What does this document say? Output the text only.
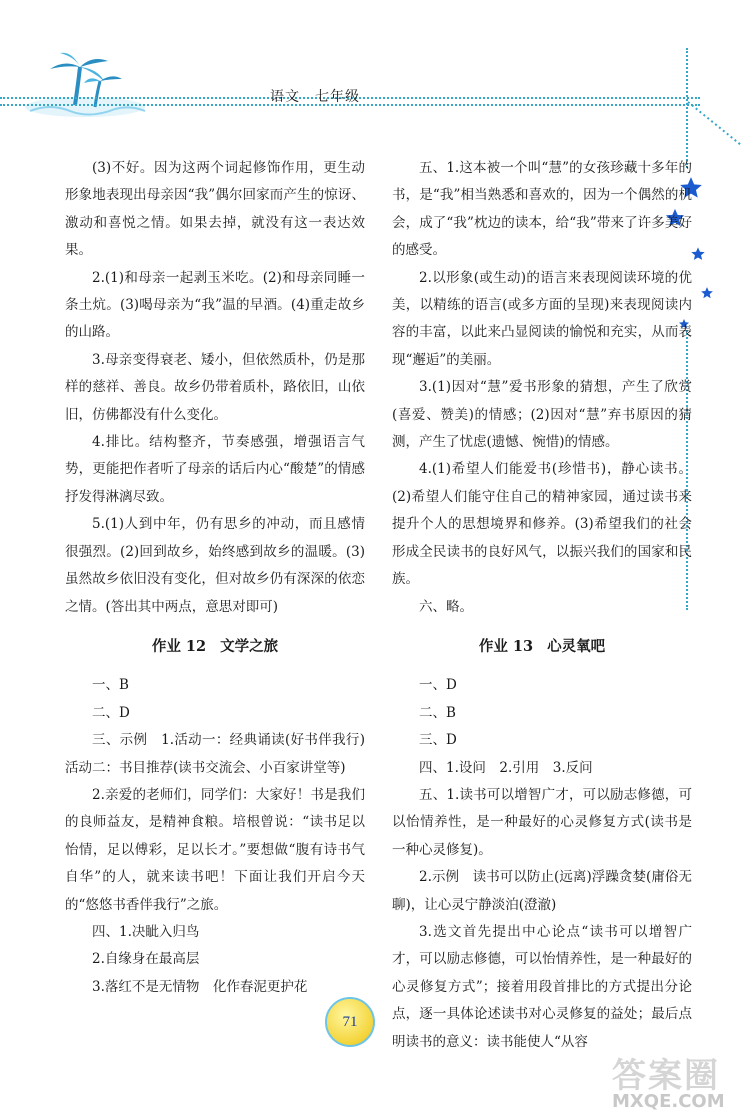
语文　七年级

(3)不好。因为这两个词起修饰作用，更生动形象地表现出母亲因“我”偶尔回家而产生的惊讶、激动和喜悦之情。如果去掉，就没有这一表达效果。

2.(1)和母亲一起剥玉米吃。(2)和母亲同睡一条土炕。(3)喝母亲为“我”温的早酒。(4)重走故乡的山路。

3.母亲变得衰老、矮小，但依然质朴，仍是那样的慈祥、善良。故乡仍带着质朴，路依旧，山依旧，仿佛都没有什么变化。

4.排比。结构整齐，节奏感强，增强语言气势，更能把作者听了母亲的话后内心“酸楚”的情感抒发得淋漓尽致。

5.(1)人到中年，仍有思乡的冲动，而且感情很强烈。(2)回到故乡，始终感到故乡的温暖。(3)虽然故乡依旧没有变化，但对故乡仍有深深的依恋之情。(答出其中两点，意思对即可)

作业 12 文学之旅

一、B

二、D

三、示例　1.活动一：经典诵读(好书伴我行)　活动二：书目推荐(读书交流会、小百家讲堂等)

2.亲爱的老师们，同学们：大家好！书是我们的良师益友，是精神食粮。培根曾说：“读书足以怡情，足以傅彩，足以长才。”要想做“腹有诗书气自华”的人，就来读书吧！下面让我们开启今天的“悠悠书香伴我行”之旅。

四、1.决眦入归鸟

2.自缘身在最高层

3.落红不是无情物　化作春泥更护花

五、1.这本被一个叫“慧”的女孩珍藏十多年的书，是“我”相当熟悉和喜欢的，因为一个偶然的机会，成了“我”枕边的读本，给“我”带来了许多美好的感受。

2.以形象(或生动)的语言来表现阅读环境的优美，以精练的语言(或多方面的呈现)来表现阅读内容的丰富，以此来凸显阅读的愉悦和充实，从而表现“邂逅”的美丽。

3.(1)因对“慧”爱书形象的猜想，产生了欣赏(喜爱、赞美)的情感；(2)因对“慧”弃书原因的猜测，产生了忧虑(遗憾、惋惜)的情感。

4.(1)希望人们能爱书(珍惜书)，静心读书。(2)希望人们能守住自己的精神家园，通过读书来提升个人的思想境界和修养。(3)希望我们的社会形成全民读书的良好风气，以振兴我们的国家和民族。

六、略。

作业 13 心灵氧吧

一、D

二、B

三、D

四、1.设问　2.引用　3.反问

五、1.读书可以增智广才，可以励志修德，可以怡情养性，是一种最好的心灵修复方式(读书是一种心灵修复)。

2.示例　读书可以防止(远离)浮躁贪婪(庸俗无聊)，让心灵宁静淡泊(澄澈)

3.选文首先提出中心论点“读书可以增智广才，可以励志修德，可以怡情养性，是一种最好的心灵修复方式”；接着用段首排比的方式提出分论点，逐一具体论述读书对心灵修复的益处；最后点明读书的意义：读书能使人“从容

71
答案圈
MXQE.COM
